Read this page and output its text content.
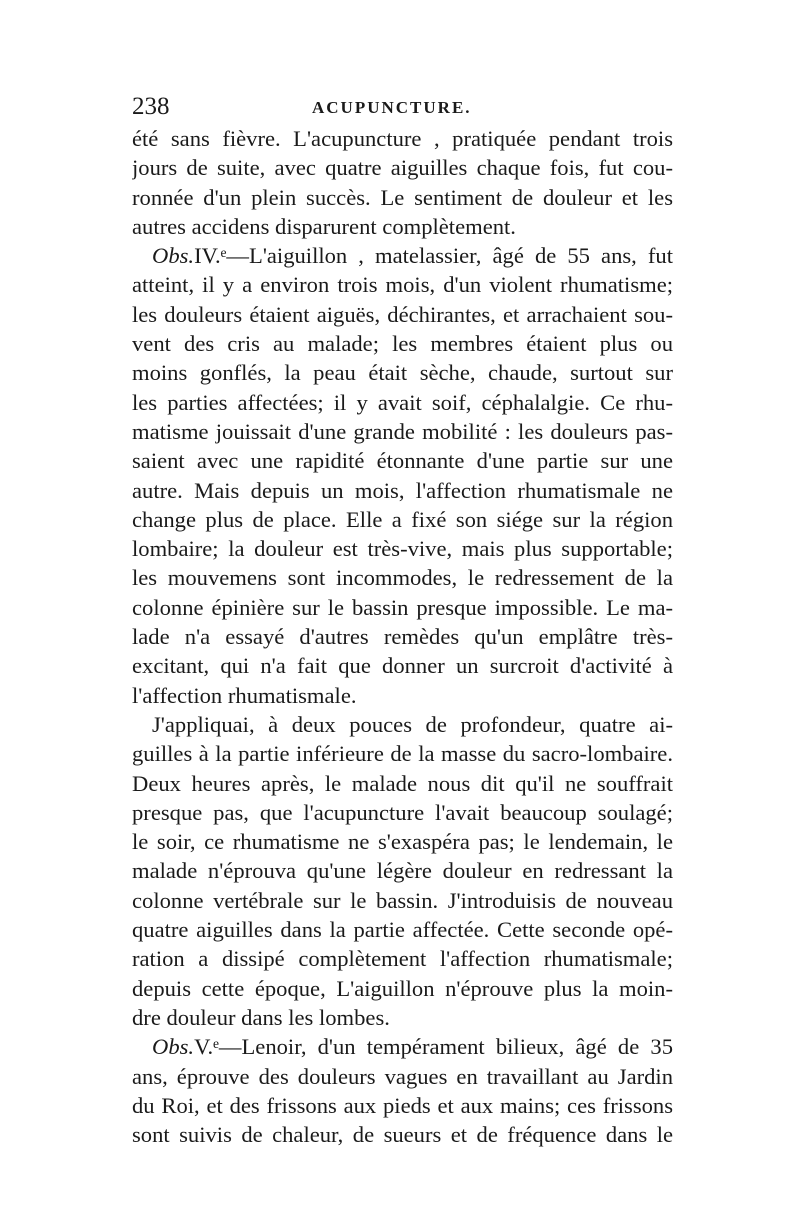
238	ACUPUNCTURE.
été sans fièvre. L'acupuncture , pratiquée pendant trois
jours de suite, avec quatre aiguilles chaque fois, fut cou-
ronnée d'un plein succès. Le sentiment de douleur et les
autres accidens disparurent complètement.
Obs.IV.ᵉ—L'aiguillon , matelassier, âgé de 55 ans, fut
atteint, il y a environ trois mois, d'un violent rhumatisme;
les douleurs étaient aiguës, déchirantes, et arrachaient sou-
vent des cris au malade; les membres étaient plus ou
moins gonflés, la peau était sèche, chaude, surtout sur
les parties affectées; il y avait soif, céphalalgie. Ce rhu-
matisme jouissait d'une grande mobilité : les douleurs pas-
saient avec une rapidité étonnante d'une partie sur une
autre. Mais depuis un mois, l'affection rhumatismale ne
change plus de place. Elle a fixé son siége sur la région
lombaire; la douleur est très-vive, mais plus supportable;
les mouvemens sont incommodes, le redressement de la
colonne épinière sur le bassin presque impossible. Le ma-
lade n'a essayé d'autres remèdes qu'un emplâtre très-
excitant, qui n'a fait que donner un surcroit d'activité à
l'affection rhumatismale.
J'appliquai, à deux pouces de profondeur, quatre ai-
guilles à la partie inférieure de la masse du sacro-lombaire.
Deux heures après, le malade nous dit qu'il ne souffrait
presque pas, que l'acupuncture l'avait beaucoup soulagé;
le soir, ce rhumatisme ne s'exaspéra pas; le lendemain, le
malade n'éprouva qu'une légère douleur en redressant la
colonne vertébrale sur le bassin. J'introduisis de nouveau
quatre aiguilles dans la partie affectée. Cette seconde opé-
ration a dissipé complètement l'affection rhumatismale;
depuis cette époque, L'aiguillon n'éprouve plus la moin-
dre douleur dans les lombes.
Obs.V.ᵉ—Lenoir, d'un tempérament bilieux, âgé de 35
ans, éprouve des douleurs vagues en travaillant au Jardin
du Roi, et des frissons aux pieds et aux mains; ces frissons
sont suivis de chaleur, de sueurs et de fréquence dans le
